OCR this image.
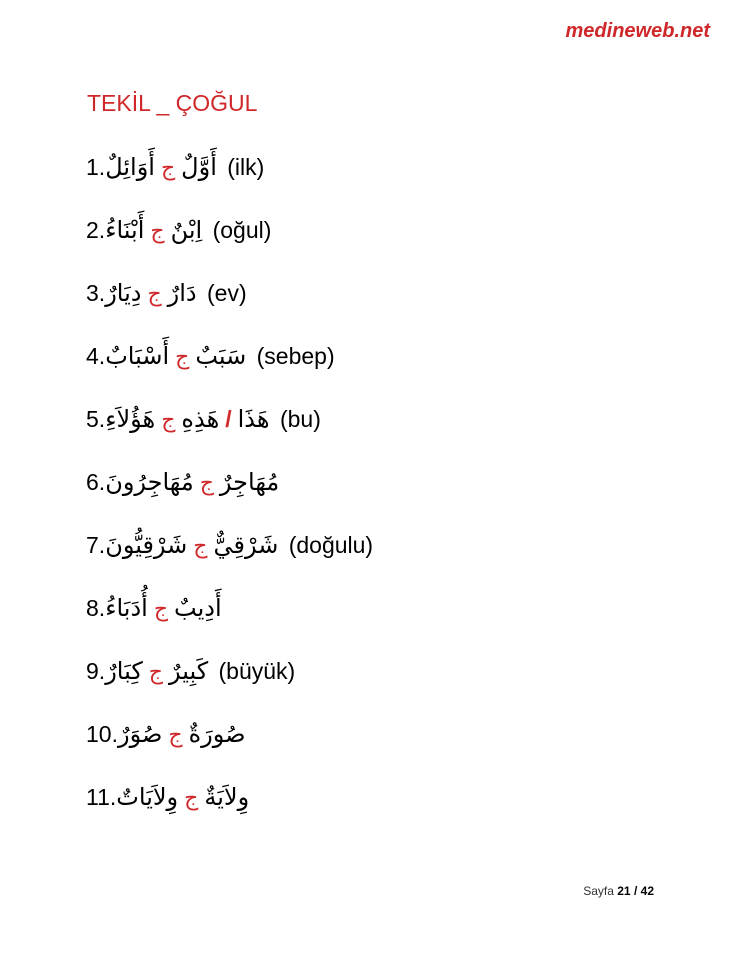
medineweb.net
TEKİL _ ÇOĞUL
1.أَوَائِلٌ ج أَوَّلٌ (ilk)
2.أَبْنَاءُ ج اِبْنٌ (oğul)
3.دِيَارٌ ج دَارٌ (ev)
4.أَسْبَابٌ ج سَبَبٌ (sebep)
5.هَؤُلاَءِ ج هَذِهِ / هَذَا (bu)
6.مُهَاجِرُونَ ج مُهَاجِرٌ
7.شَرْقِيُّونَ ج شَرْقِيٌّ (doğulu)
8.أُدَبَاءُ ج أَدِيبٌ
9.كِبَارٌ ج كَبِيرٌ (büyük)
10.صُوَرٌ ج صُورَةٌ
11.وِلاَيَاتٌ ج وِلاَيَةٌ
Sayfa 21 / 42
